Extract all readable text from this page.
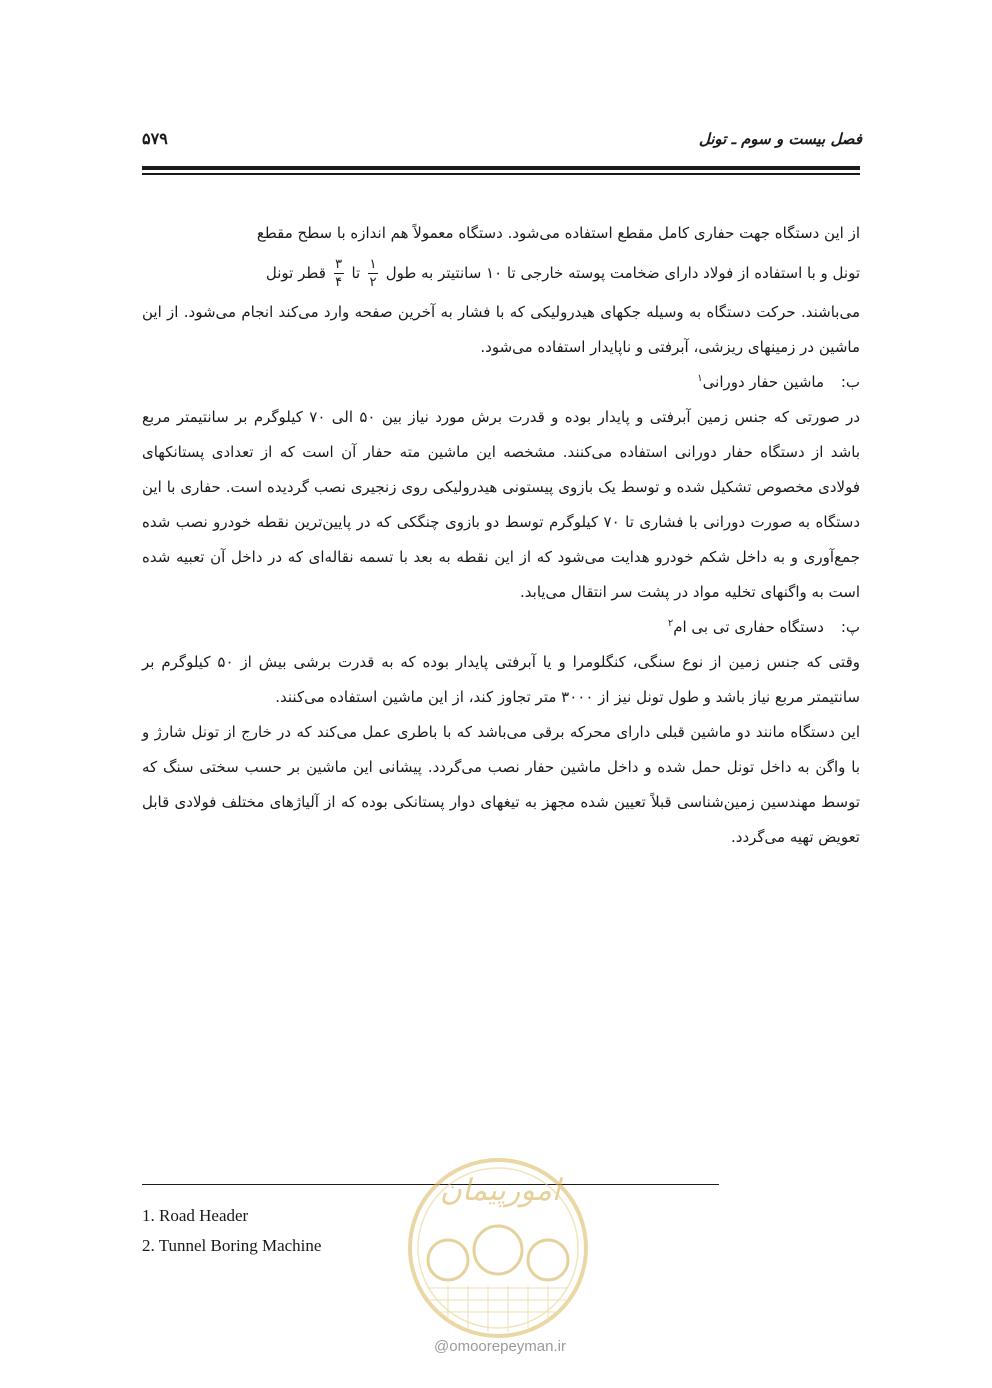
فصل بیست و سوم ـ تونل
۵۷۹

از این دستگاه جهت حفاری کامل مقطع استفاده می‌شود. دستگاه معمولاً هم اندازه با سطح مقطع
تونل و با استفاده از فولاد دارای ضخامت پوسته خارجی تا ۱۰ سانتیتر به طول
$\frac{۱}{۲}$
تا
$\frac{۳}{۴}$
قطر تونل
می‌باشند. حرکت دستگاه به وسیله جکهای هیدرولیکی که با فشار به آخرین صفحه وارد می‌کند انجام می‌شود. از این ماشین در زمینهای ریزشی، آبرفتی و ناپایدار استفاده می‌شود.

ب:
ماشین حفار دورانی$^۱$

در صورتی که جنس زمین آبرفتی و پایدار بوده و قدرت برش مورد نیاز بین ۵۰ الی ۷۰ کیلوگرم بر سانتیمتر مربع باشد از دستگاه حفار دورانی استفاده می‌کنند. مشخصه این ماشین مته حفار آن است که از تعدادی پستانکهای فولادی مخصوص تشکیل شده و توسط یک بازوی پیستونی هیدرولیکی روی زنجیری نصب گردیده است. حفاری با این دستگاه به صورت دورانی با فشاری تا ۷۰ کیلوگرم توسط دو بازوی چنگکی که در پایین‌ترین نقطه خودرو نصب شده جمع‌آوری و به داخل شکم خودرو هدایت می‌شود که از این نقطه به بعد با تسمه نقاله‌ای که در داخل آن تعبیه شده است به واگنهای تخلیه مواد در پشت سر انتقال می‌یابد.

پ:
دستگاه حفاری تی بی ام$^۲$

وقتی که جنس زمین از نوع سنگی، کنگلومرا و یا آبرفتی پایدار بوده که به قدرت برشی بیش از ۵۰ کیلوگرم بر سانتیمتر مربع نیاز باشد و طول تونل نیز از ۳۰۰۰ متر تجاوز کند، از این ماشین استفاده می‌کنند.

این دستگاه مانند دو ماشین قبلی دارای محرکه برقی می‌باشد که با باطری عمل می‌کند که در خارج از تونل شارژ و با واگن به داخل تونل حمل شده و داخل ماشین حفار نصب می‌گردد. پیشانی این ماشین بر حسب سختی سنگ که توسط مهندسین زمین‌شناسی قبلاً تعیین شده مجهز به تیغهای دوار پستانکی بوده که از آلیاژهای مختلف فولادی قابل تعویض تهیه می‌گردد.

1. Road Header
2. Tunnel Boring Machine
امورپیمان
@omoorepeyman.ir
